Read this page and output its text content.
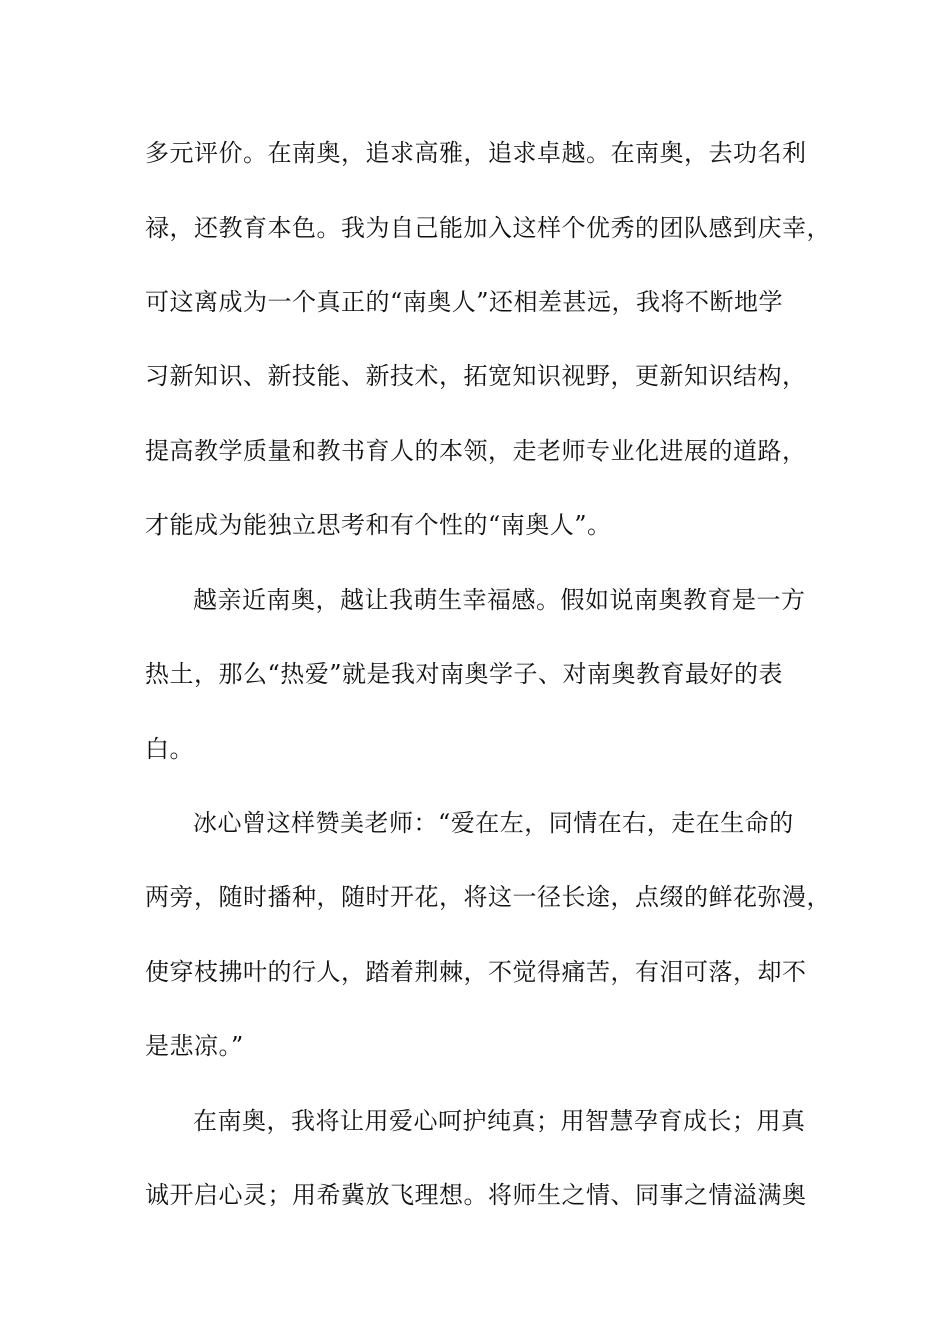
多元评价。在南奥，追求高雅，追求卓越。在南奥，去功名利
禄，还教育本色。我为自己能加入这样个优秀的团队感到庆幸，
可这离成为一个真正的“南奥人”还相差甚远，我将不断地学
习新知识、新技能、新技术，拓宽知识视野，更新知识结构，
提高教学质量和教书育人的本领，走老师专业化进展的道路，
才能成为能独立思考和有个性的“南奥人”。
越亲近南奥，越让我萌生幸福感。假如说南奥教育是一方
热土，那么“热爱”就是我对南奥学子、对南奥教育最好的表
白。
冰心曾这样赞美老师：“爱在左，同情在右，走在生命的
两旁，随时播种，随时开花，将这一径长途，点缀的鲜花弥漫，
使穿枝拂叶的行人，踏着荆棘，不觉得痛苦，有泪可落，却不
是悲凉。”
在南奥，我将让用爱心呵护纯真；用智慧孕育成长；用真
诚开启心灵；用希冀放飞理想。将师生之情、同事之情溢满奥
